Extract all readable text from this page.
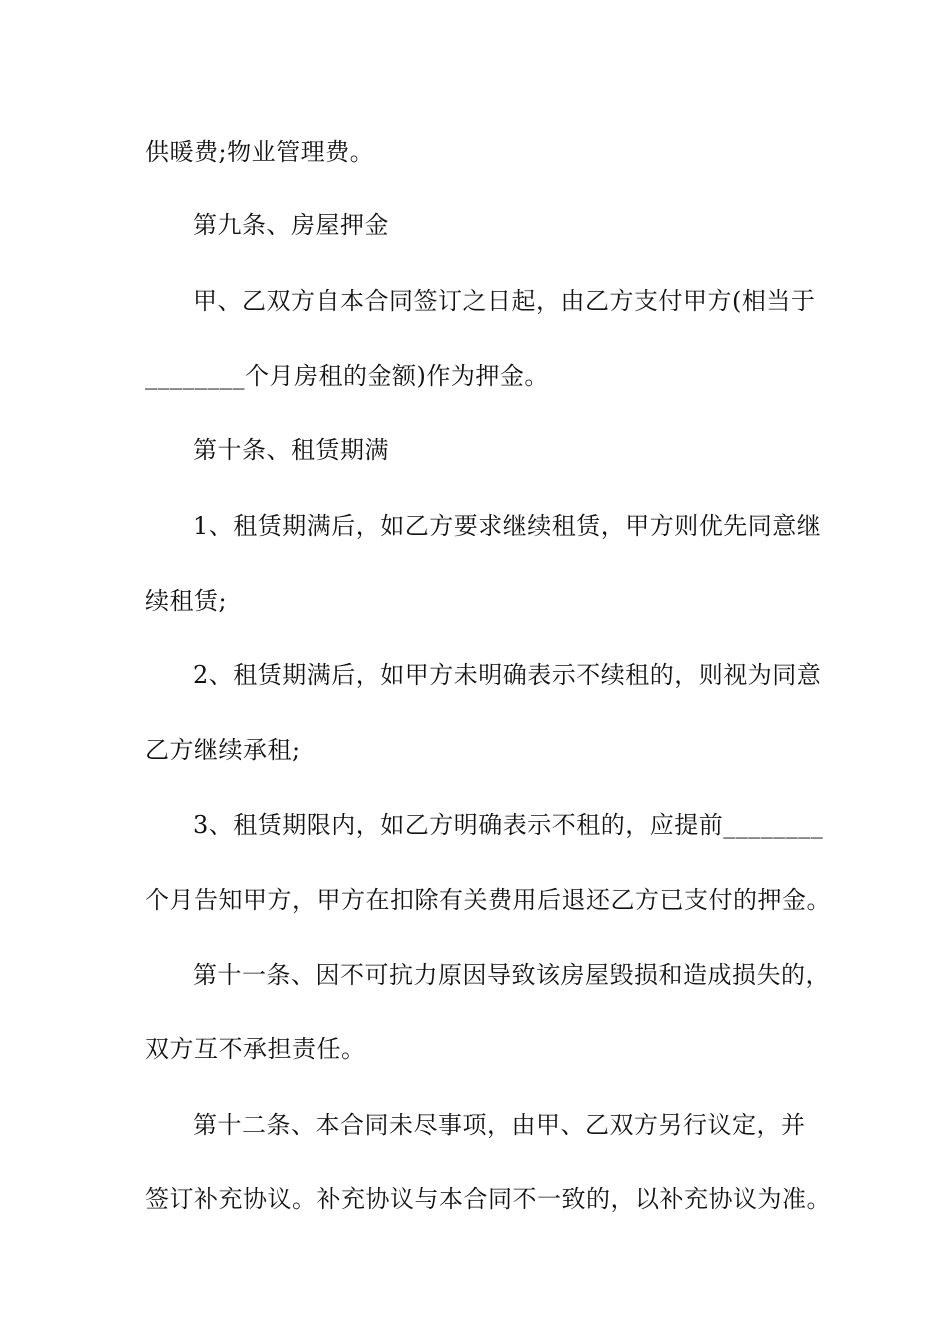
供暖费;物业管理费。
第九条、房屋押金
甲、乙双方自本合同签订之日起，由乙方支付甲方(相当于
________个月房租的金额)作为押金。
第十条、租赁期满
1、租赁期满后，如乙方要求继续租赁，甲方则优先同意继
续租赁;
2、租赁期满后，如甲方未明确表示不续租的，则视为同意
乙方继续承租;
3、租赁期限内，如乙方明确表示不租的，应提前________
个月告知甲方，甲方在扣除有关费用后退还乙方已支付的押金。
第十一条、因不可抗力原因导致该房屋毁损和造成损失的，
双方互不承担责任。
第十二条、本合同未尽事项，由甲、乙双方另行议定，并
签订补充协议。补充协议与本合同不一致的，以补充协议为准。
